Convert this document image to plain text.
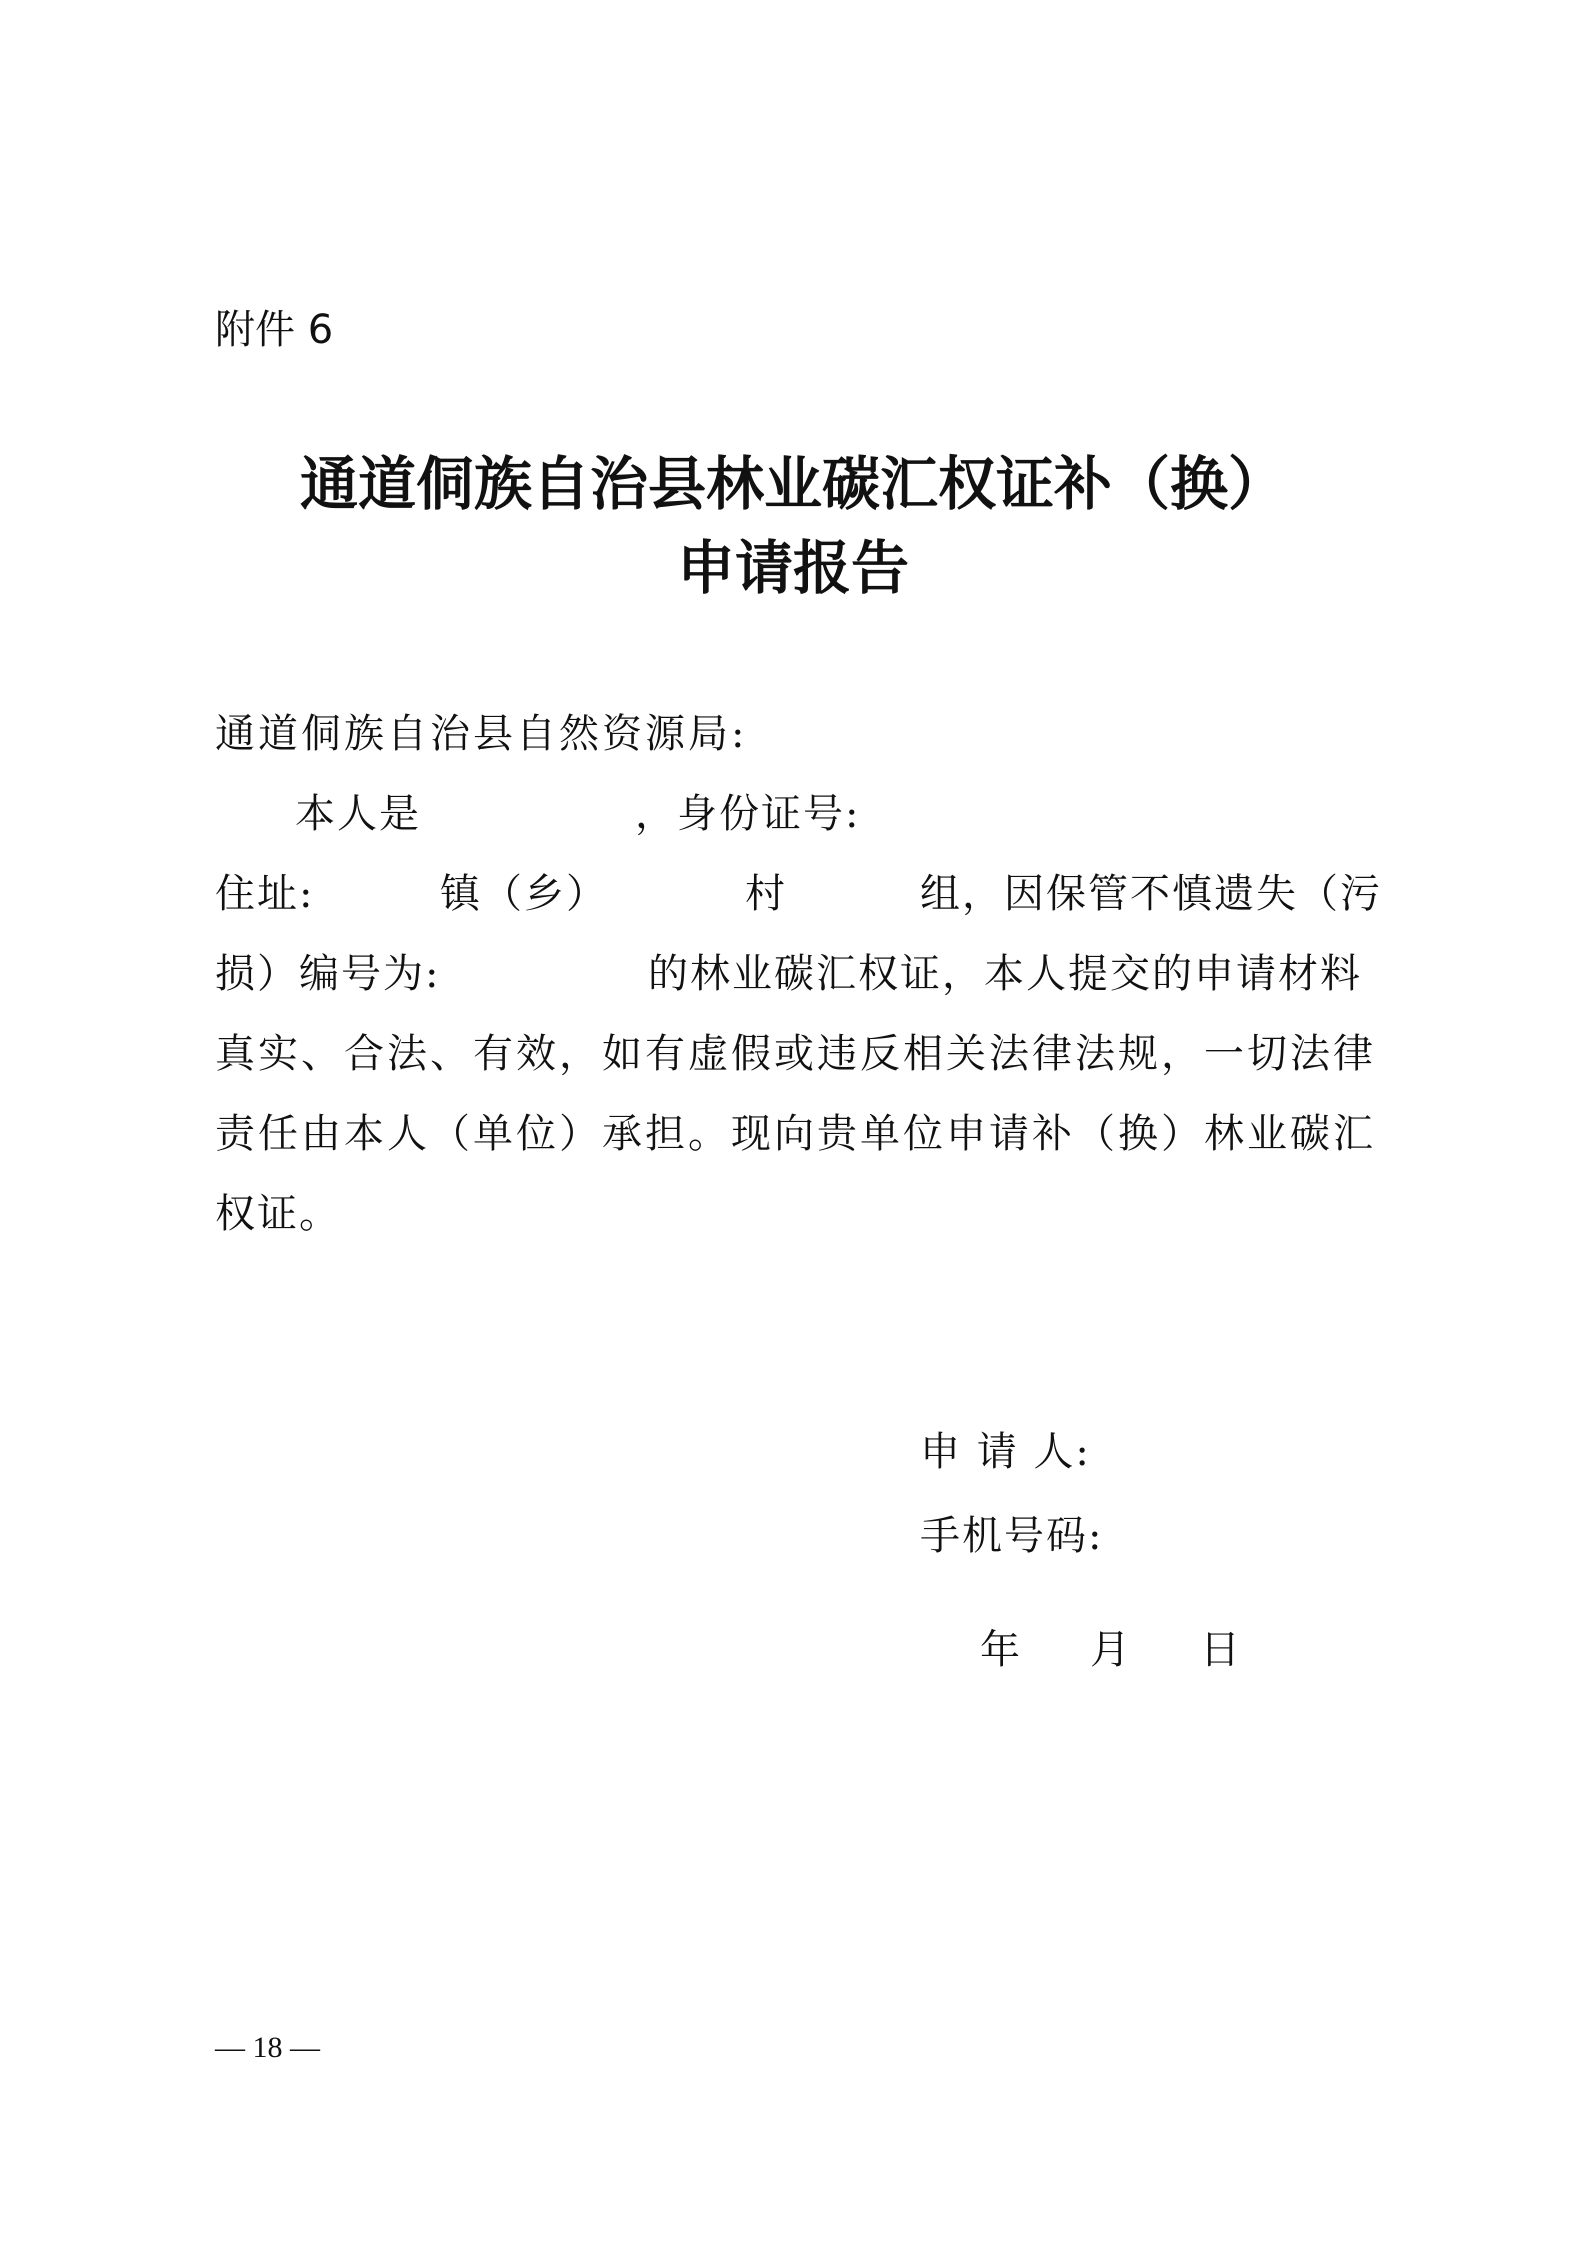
附件 6
通道侗族自治县林业碳汇权证补（换）
申请报告
通道侗族自治县自然资源局:
本人是	，身份证号:
住址:	镇（乡）	村	组，因保管不慎遗失（污
损）编号为:	的林业碳汇权证，本人提交的申请材料
真实、合法、有效，如有虚假或违反相关法律法规，一切法律
责任由本人（单位）承担。现向贵单位申请补（换）林业碳汇
权证。
申 请 人:
手机号码:
年 月 日
— 18 —
